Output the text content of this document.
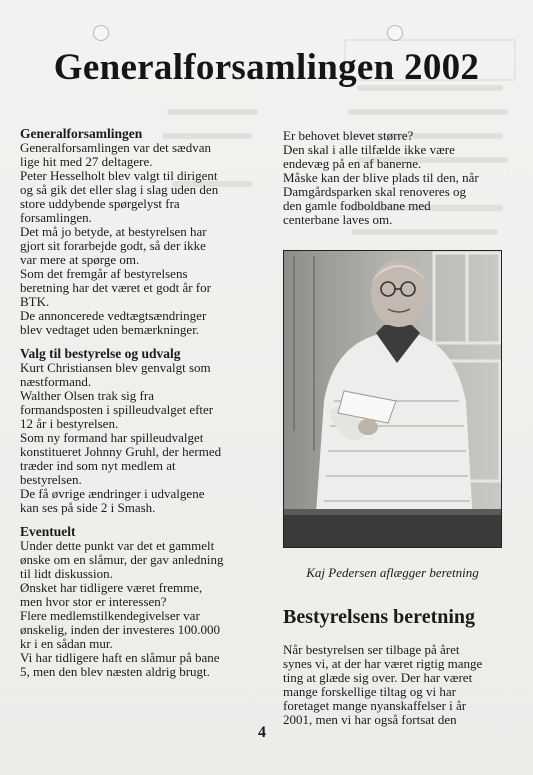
Generalforsamlingen 2002
Generalforsamlingen

Generalforsamlingen var det sædvan

lige hit med 27 deltagere.

Peter Hesselholt blev valgt til dirigent

og så gik det eller slag i slag uden den

store uddybende spørgelyst fra

forsamlingen.

Det må jo betyde, at bestyrelsen har

gjort sit forarbejde godt, så der ikke

var mere at spørge om.

Som det fremgår af bestyrelsens

beretning har det været et godt år for

BTK.

De annoncerede vedtægtsændringer

blev vedtaget uden bemærkninger.

Valg til bestyrelse og udvalg

Kurt Christiansen blev genvalgt som

næstformand.

Walther Olsen trak sig fra

formandsposten i spilleudvalget efter

12 år i bestyrelsen.

Som ny formand har spilleudvalget

konstitueret Johnny Gruhl, der hermed

træder ind som nyt medlem at

bestyrelsen.

De få øvrige ændringer i udvalgene

kan ses på side 2 i Smash.

Eventuelt

Under dette punkt var det et gammelt

ønske om en slåmur, der gav anledning

til lidt diskussion.

Ønsket har tidligere været fremme,

men hvor stor er interessen?

Flere medlemstilkendegivelser var

ønskelig, inden der investeres 100.000

kr i en sådan mur.

Vi har tidligere haft en slåmur på bane

5, men den blev næsten aldrig brugt.

Er behovet blevet større?

Den skal i alle tilfælde ikke være

endevæg på en af banerne.

Måske kan der blive plads til den, når

Damgårdsparken skal renoveres og

den gamle fodboldbane med

centerbane laves om.

Kaj Pedersen aflægger beretning
Bestyrelsens beretning

Når bestyrelsen ser tilbage på året

synes vi, at der har været rigtig mange

ting at glæde sig over. Der har været

mange forskellige tiltag og vi har

foretaget mange nyanskaffelser i år

2001, men vi har også fortsat den

4
